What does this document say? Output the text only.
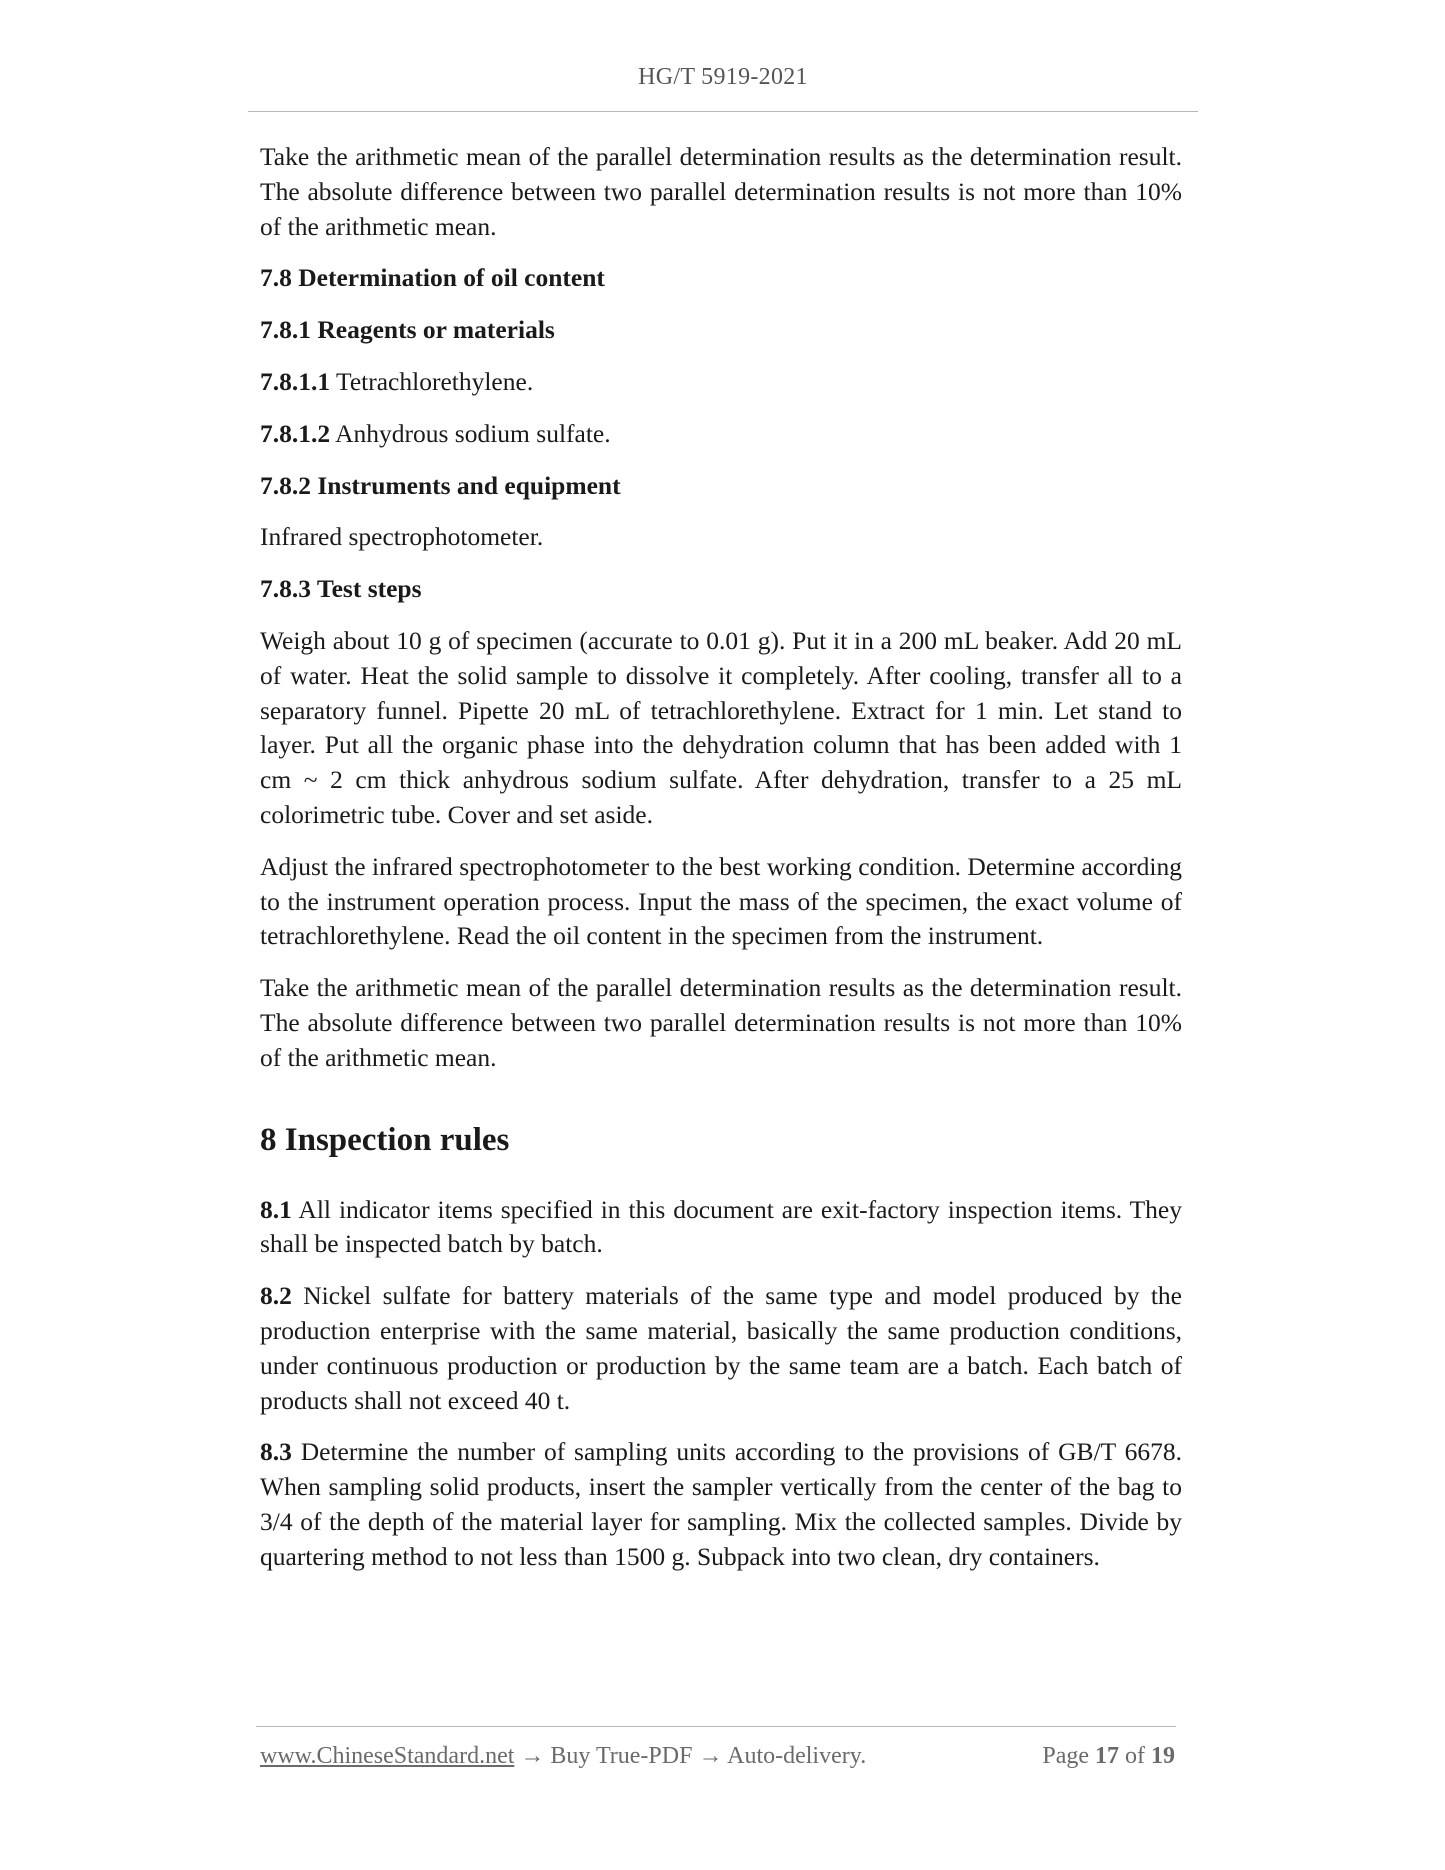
HG/T 5919-2021

Take the arithmetic mean of the parallel determination results as the determination result. The absolute difference between two parallel determination results is not more than 10% of the arithmetic mean.

7.8 Determination of oil content

7.8.1 Reagents or materials

7.8.1.1 Tetrachlorethylene.

7.8.1.2 Anhydrous sodium sulfate.

7.8.2 Instruments and equipment

Infrared spectrophotometer.

7.8.3 Test steps

Weigh about 10 g of specimen (accurate to 0.01 g). Put it in a 200 mL beaker. Add 20 mL of water. Heat the solid sample to dissolve it completely. After cooling, transfer all to a separatory funnel. Pipette 20 mL of tetrachlorethylene. Extract for 1 min. Let stand to layer. Put all the organic phase into the dehydration column that has been added with 1 cm ~ 2 cm thick anhydrous sodium sulfate. After dehydration, transfer to a 25 mL colorimetric tube. Cover and set aside.

Adjust the infrared spectrophotometer to the best working condition. Determine according to the instrument operation process. Input the mass of the specimen, the exact volume of tetrachlorethylene. Read the oil content in the specimen from the instrument.

Take the arithmetic mean of the parallel determination results as the determination result. The absolute difference between two parallel determination results is not more than 10% of the arithmetic mean.

8 Inspection rules

8.1 All indicator items specified in this document are exit-factory inspection items. They shall be inspected batch by batch.

8.2 Nickel sulfate for battery materials of the same type and model produced by the production enterprise with the same material, basically the same production conditions, under continuous production or production by the same team are a batch. Each batch of products shall not exceed 40 t.

8.3 Determine the number of sampling units according to the provisions of GB/T 6678. When sampling solid products, insert the sampler vertically from the center of the bag to 3/4 of the depth of the material layer for sampling. Mix the collected samples. Divide by quartering method to not less than 1500 g. Subpack into two clean, dry containers.

www.ChineseStandard.net → Buy True-PDF → Auto-delivery.	Page 17 of 19
